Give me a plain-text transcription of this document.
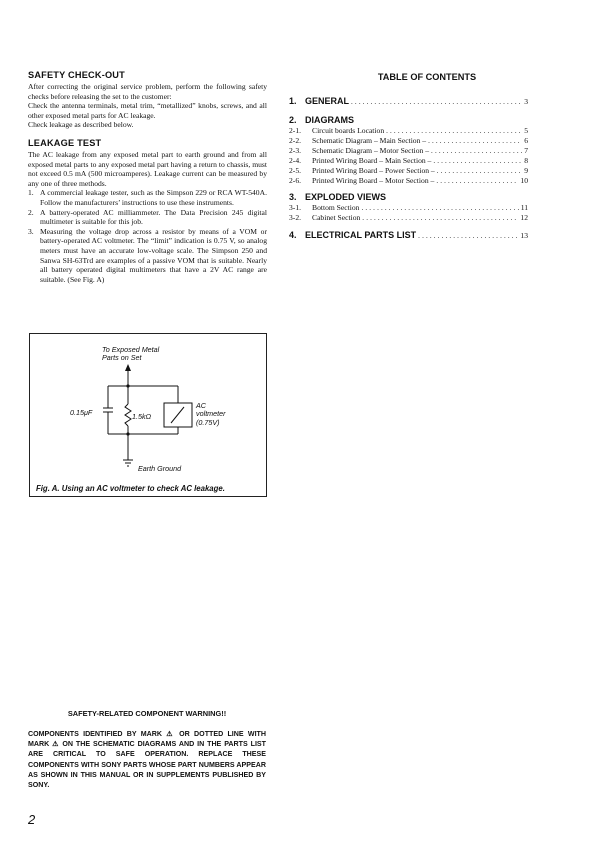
SAFETY CHECK-OUT

After correcting the original service problem, perform the following safety checks before releasing the set to the customer:

Check the antenna terminals, metal trim, “metallized” knobs, screws, and all other exposed metal parts for AC leakage.

Check leakage as described below.

LEAKAGE TEST

The AC leakage from any exposed metal part to earth ground and from all exposed metal parts to any exposed metal part having a return to chassis, must not exceed 0.5 mA (500 microamperes). Leakage current can be measured by any one of three methods.

1. A commercial leakage tester, such as the Simpson 229 or RCA WT-540A. Follow the manufacturers’ instructions to use these instruments.
2. A battery-operated AC milliammeter. The Data Precision 245 digital multimeter is suitable for this job.
3. Measuring the voltage drop across a resistor by means of a VOM or battery-operated AC voltmeter. The “limit” indication is 0.75 V, so analog meters must have an accurate low-voltage scale. The Simpson 250 and Sanwa SH-63Trd are examples of a passive VOM that is suitable. Nearly all battery operated digital multimeters that have a 2V AC range are suitable. (See Fig. A)
To Exposed Metal
Parts on Set
0.15μF	1.5kΩ
AC
voltmeter
(0.75V)
Earth Ground
Fig. A. Using an AC voltmeter to check AC leakage.
TABLE OF CONTENTS
1. GENERAL . . .	3
2. DIAGRAMS
2-1.	Circuit boards Location . . .	5
2-2.	Schematic Diagram – Main Section – . . .	6
2-3.	Schematic Diagram – Motor Section – . . .	7
2-4.	Printed Wiring Board – Main Section – . . .	8
2-5.	Printed Wiring Board – Power Section – . . .	9
2-6.	Printed Wiring Board – Motor Section – . . .	10
3. EXPLODED VIEWS
3-1.	Bottom Section . . .	11
3-2.	Cabinet Section . . .	12
4. ELECTRICAL PARTS LIST . . .	13
SAFETY-RELATED COMPONENT WARNING!!

COMPONENTS IDENTIFIED BY MARK ⚠ OR DOTTED LINE WITH MARK ⚠ ON THE SCHEMATIC DIAGRAMS AND IN THE PARTS LIST ARE CRITICAL TO SAFE OPERATION. REPLACE THESE COMPONENTS WITH SONY PARTS WHOSE PART NUMBERS APPEAR AS SHOWN IN THIS MANUAL OR IN SUPPLEMENTS PUBLISHED BY SONY.

2
